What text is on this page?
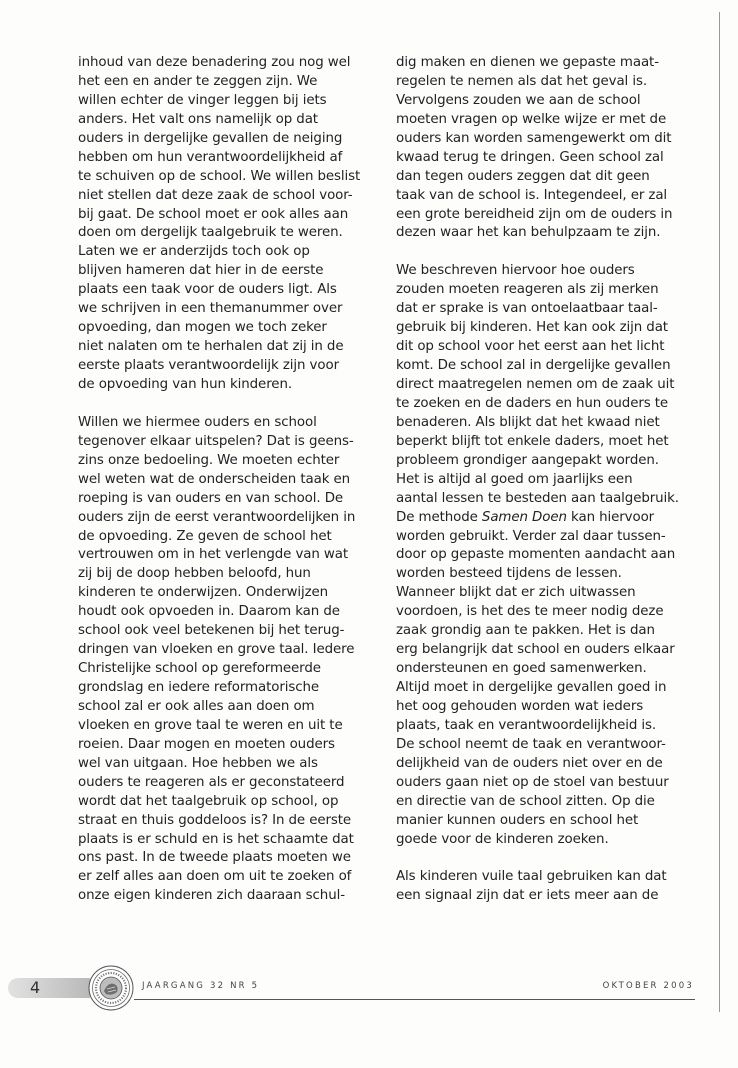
inhoud van deze benadering zou nog wel
het een en ander te zeggen zijn. We
willen echter de vinger leggen bij iets
anders. Het valt ons namelijk op dat
ouders in dergelijke gevallen de neiging
hebben om hun verantwoordelijkheid af
te schuiven op de school. We willen beslist
niet stellen dat deze zaak de school voor-
bij gaat. De school moet er ook alles aan
doen om dergelijk taalgebruik te weren.
Laten we er anderzijds toch ook op
blijven hameren dat hier in de eerste
plaats een taak voor de ouders ligt. Als
we schrijven in een themanummer over
opvoeding, dan mogen we toch zeker
niet nalaten om te herhalen dat zij in de
eerste plaats verantwoordelijk zijn voor
de opvoeding van hun kinderen.
Willen we hiermee ouders en school
tegenover elkaar uitspelen? Dat is geens-
zins onze bedoeling. We moeten echter
wel weten wat de onderscheiden taak en
roeping is van ouders en van school. De
ouders zijn de eerst verantwoordelijken in
de opvoeding. Ze geven de school het
vertrouwen om in het verlengde van wat
zij bij de doop hebben beloofd, hun
kinderen te onderwijzen. Onderwijzen
houdt ook opvoeden in. Daarom kan de
school ook veel betekenen bij het terug-
dringen van vloeken en grove taal. Iedere
Christelijke school op gereformeerde
grondslag en iedere reformatorische
school zal er ook alles aan doen om
vloeken en grove taal te weren en uit te
roeien. Daar mogen en moeten ouders
wel van uitgaan. Hoe hebben we als
ouders te reageren als er geconstateerd
wordt dat het taalgebruik op school, op
straat en thuis goddeloos is? In de eerste
plaats is er schuld en is het schaamte dat
ons past. In de tweede plaats moeten we
er zelf alles aan doen om uit te zoeken of
onze eigen kinderen zich daaraan schul-
dig maken en dienen we gepaste maat-
regelen te nemen als dat het geval is.
Vervolgens zouden we aan de school
moeten vragen op welke wijze er met de
ouders kan worden samengewerkt om dit
kwaad terug te dringen. Geen school zal
dan tegen ouders zeggen dat dit geen
taak van de school is. Integendeel, er zal
een grote bereidheid zijn om de ouders in
dezen waar het kan behulpzaam te zijn.
We beschreven hiervoor hoe ouders
zouden moeten reageren als zij merken
dat er sprake is van ontoelaatbaar taal-
gebruik bij kinderen. Het kan ook zijn dat
dit op school voor het eerst aan het licht
komt. De school zal in dergelijke gevallen
direct maatregelen nemen om de zaak uit
te zoeken en de daders en hun ouders te
benaderen. Als blijkt dat het kwaad niet
beperkt blijft tot enkele daders, moet het
probleem grondiger aangepakt worden.
Het is altijd al goed om jaarlijks een
aantal lessen te besteden aan taalgebruik.
De methode Samen Doen kan hiervoor
worden gebruikt. Verder zal daar tussen-
door op gepaste momenten aandacht aan
worden besteed tijdens de lessen.
Wanneer blijkt dat er zich uitwassen
voordoen, is het des te meer nodig deze
zaak grondig aan te pakken. Het is dan
erg belangrijk dat school en ouders elkaar
ondersteunen en goed samenwerken.
Altijd moet in dergelijke gevallen goed in
het oog gehouden worden wat ieders
plaats, taak en verantwoordelijkheid is.
De school neemt de taak en verantwoor-
delijkheid van de ouders niet over en de
ouders gaan niet op de stoel van bestuur
en directie van de school zitten. Op die
manier kunnen ouders en school het
goede voor de kinderen zoeken.
Als kinderen vuile taal gebruiken kan dat
een signaal zijn dat er iets meer aan de
4	JAARGANG 32 NR 5	OKTOBER 2003
